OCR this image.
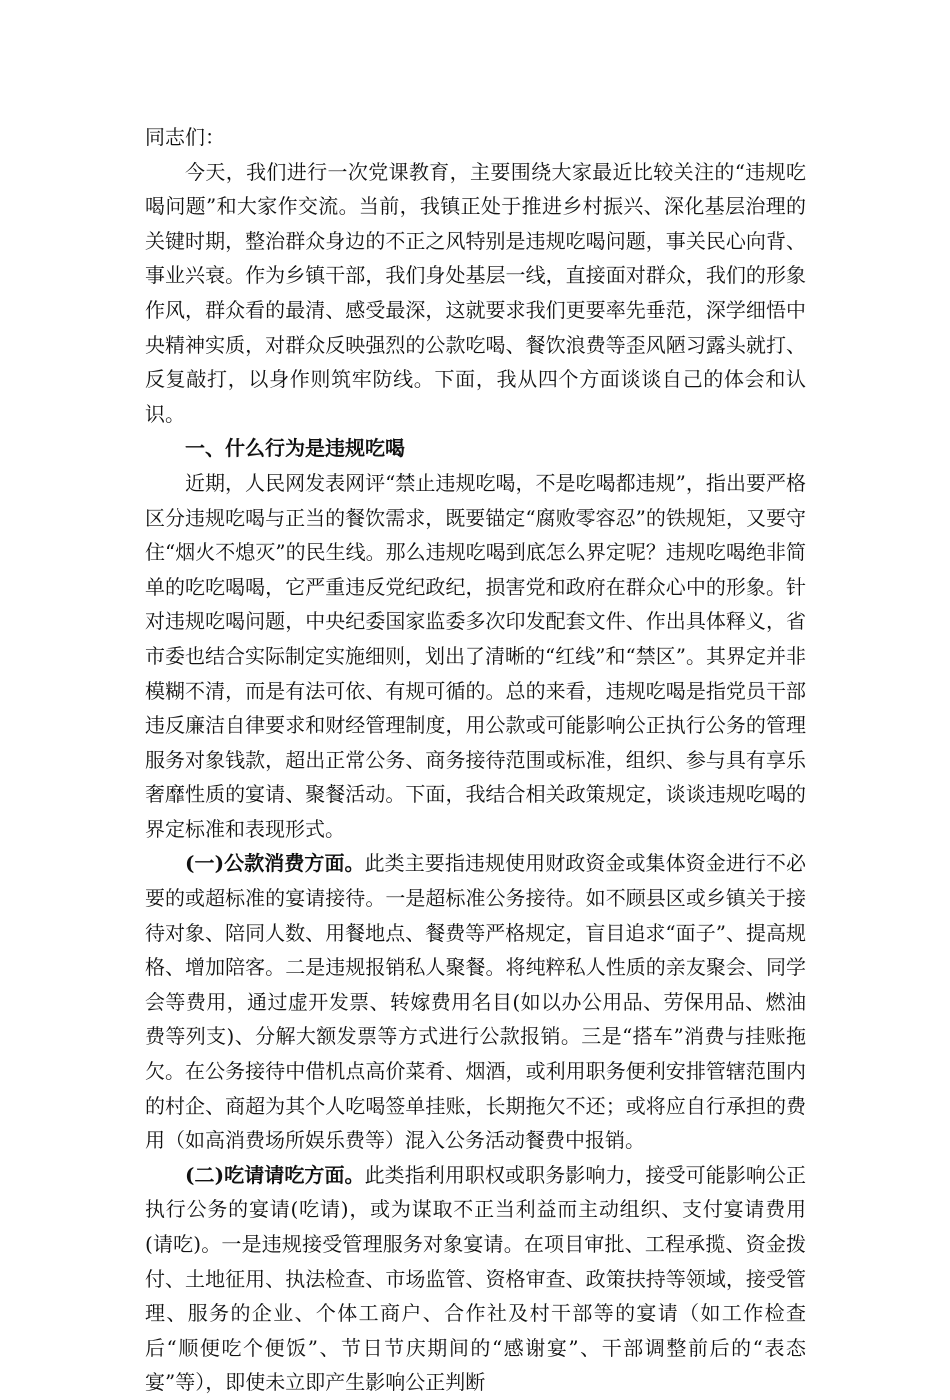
同志们：

今天，我们进行一次党课教育，主要围绕大家最近比较关注的“违规吃喝问题”和大家作交流。当前，我镇正处于推进乡村振兴、深化基层治理的关键时期，整治群众身边的不正之风特别是违规吃喝问题，事关民心向背、事业兴衰。作为乡镇干部，我们身处基层一线，直接面对群众，我们的形象作风，群众看的最清、感受最深，这就要求我们更要率先垂范，深学细悟中央精神实质，对群众反映强烈的公款吃喝、餐饮浪费等歪风陋习露头就打、反复敲打，以身作则筑牢防线。下面，我从四个方面谈谈自己的体会和认识。

一、什么行为是违规吃喝

近期，人民网发表网评“禁止违规吃喝，不是吃喝都违规”，指出要严格区分违规吃喝与正当的餐饮需求，既要锚定“腐败零容忍”的铁规矩，又要守住“烟火不熄灭”的民生线。那么违规吃喝到底怎么界定呢？违规吃喝绝非简单的吃吃喝喝，它严重违反党纪政纪，损害党和政府在群众心中的形象。针对违规吃喝问题，中央纪委国家监委多次印发配套文件、作出具体释义，省市委也结合实际制定实施细则，划出了清晰的“红线”和“禁区”。其界定并非模糊不清，而是有法可依、有规可循的。总的来看，违规吃喝是指党员干部违反廉洁自律要求和财经管理制度，用公款或可能影响公正执行公务的管理服务对象钱款，超出正常公务、商务接待范围或标准，组织、参与具有享乐奢靡性质的宴请、聚餐活动。下面，我结合相关政策规定，谈谈违规吃喝的界定标准和表现形式。

(一)公款消费方面。此类主要指违规使用财政资金或集体资金进行不必要的或超标准的宴请接待。一是超标准公务接待。如不顾县区或乡镇关于接待对象、陪同人数、用餐地点、餐费等严格规定，盲目追求“面子”、提高规格、增加陪客。二是违规报销私人聚餐。将纯粹私人性质的亲友聚会、同学会等费用，通过虚开发票、转嫁费用名目(如以办公用品、劳保用品、燃油费等列支)、分解大额发票等方式进行公款报销。三是“搭车”消费与挂账拖欠。在公务接待中借机点高价菜肴、烟酒，或利用职务便利安排管辖范围内的村企、商超为其个人吃喝签单挂账，长期拖欠不还；或将应自行承担的费用（如高消费场所娱乐费等）混入公务活动餐费中报销。

(二)吃请请吃方面。此类指利用职权或职务影响力，接受可能影响公正执行公务的宴请(吃请)，或为谋取不正当利益而主动组织、支付宴请费用(请吃)。一是违规接受管理服务对象宴请。在项目审批、工程承揽、资金拨付、土地征用、执法检查、市场监管、资格审查、政策扶持等领域，接受管理、服务的企业、个体工商户、合作社及村干部等的宴请（如工作检查后“顺便吃个便饭”、节日节庆期间的“感谢宴”、干部调整前后的“表态宴”等），即使未立即产生影响公正判断
